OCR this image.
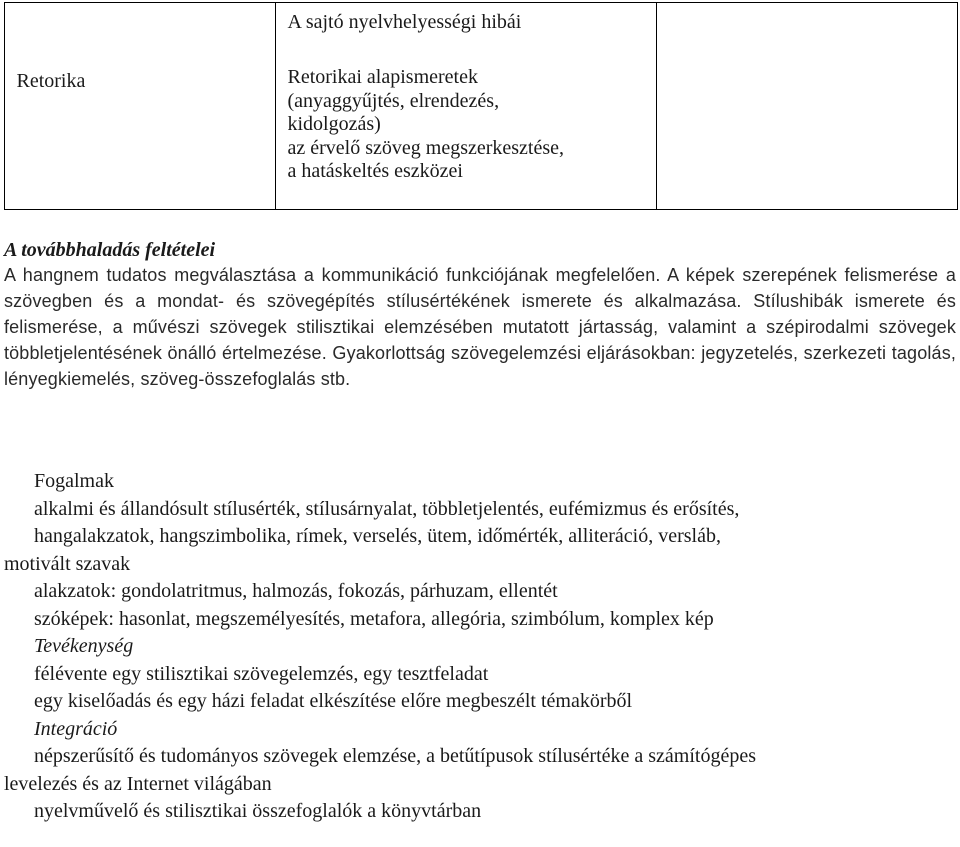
Retorika

A sajtó nyelvhelyességi hibái
Retorikai alapismeretek
(anyaggyűjtés, elrendezés,
kidolgozás)
az érvelő szöveg megszerkesztése,
a hatáskeltés eszközei

A továbbhaladás feltételei
A hangnem tudatos megválasztása a kommunikáció funkciójának megfelelően. A képek szerepének felismerése a szövegben és a mondat- és szövegépítés stílusértékének ismerete és alkalmazása. Stílushibák ismerete és felismerése, a művészi szövegek stilisztikai elemzésében mutatott jártasság, valamint a szépirodalmi szövegek többletjelentésének önálló értelmezése. Gyakorlottság szövegelemzési eljárásokban: jegyzetelés, szerkezeti tagolás, lényegkiemelés, szöveg-összefoglalás stb.
Fogalmak
alkalmi és állandósult stílusérték, stílusárnyalat, többletjelentés, eufémizmus és erősítés,
hangalakzatok, hangszimbolika, rímek, verselés, ütem, időmérték, alliteráció, versláb,
motivált szavak
alakzatok: gondolatritmus, halmozás, fokozás, párhuzam, ellentét
szóképek: hasonlat, megszemélyesítés, metafora, allegória, szimbólum, komplex kép
Tevékenység
félévente egy stilisztikai szövegelemzés, egy tesztfeladat
egy kiselőadás és egy házi feladat elkészítése előre megbeszélt témakörből
Integráció
népszerűsítő és tudományos szövegek elemzése, a betűtípusok stílusértéke a számítógépes
levelezés és az Internet világában
nyelvművelő és stilisztikai összefoglalók a könyvtárban
